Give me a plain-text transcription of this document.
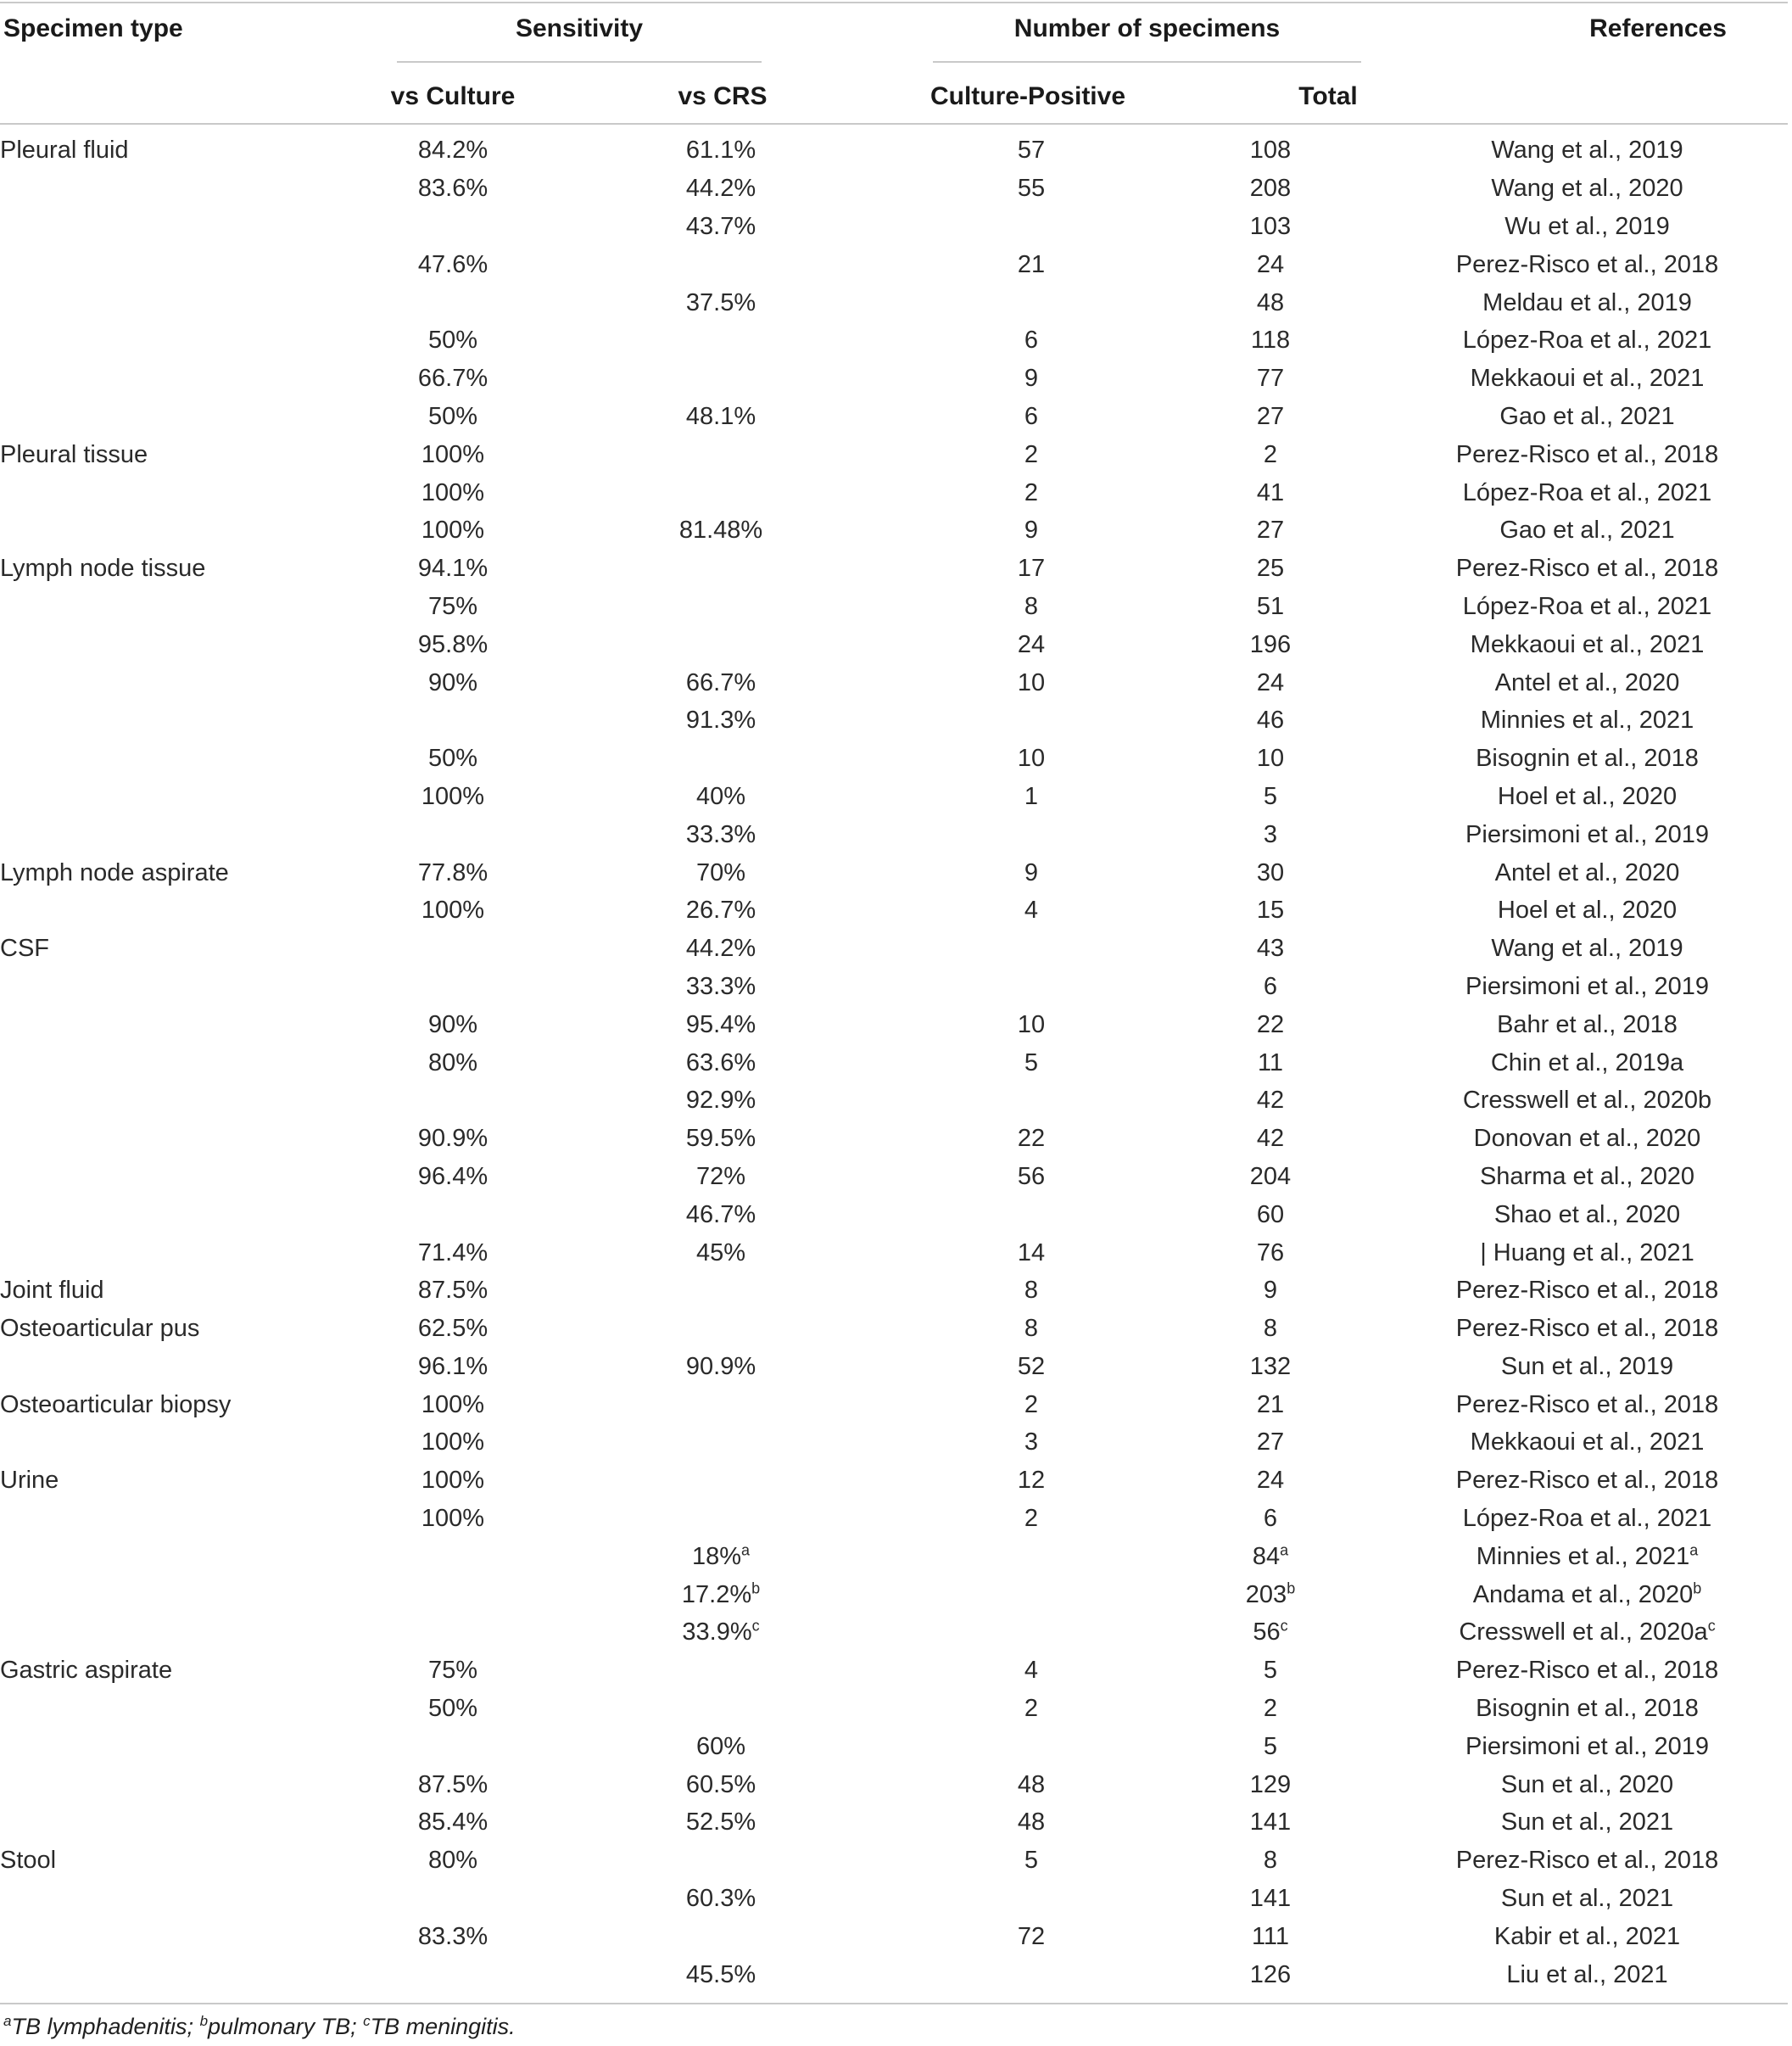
Specimen type	Sensitivity	Number of specimens	References
vs Culture	vs CRS	Culture-Positive	Total
Pleural fluid	84.2%	61.1%	57	108	Wang et al., 2019
	83.6%	44.2%	55	208	Wang et al., 2020
		43.7%		103	Wu et al., 2019
	47.6%		21	24	Perez-Risco et al., 2018
		37.5%		48	Meldau et al., 2019
	50%		6	118	López-Roa et al., 2021
	66.7%		9	77	Mekkaoui et al., 2021
	50%	48.1%	6	27	Gao et al., 2021
Pleural tissue	100%		2	2	Perez-Risco et al., 2018
	100%		2	41	López-Roa et al., 2021
	100%	81.48%	9	27	Gao et al., 2021
Lymph node tissue	94.1%		17	25	Perez-Risco et al., 2018
	75%		8	51	López-Roa et al., 2021
	95.8%		24	196	Mekkaoui et al., 2021
	90%	66.7%	10	24	Antel et al., 2020
		91.3%		46	Minnies et al., 2021
	50%		10	10	Bisognin et al., 2018
	100%	40%	1	5	Hoel et al., 2020
		33.3%		3	Piersimoni et al., 2019
Lymph node aspirate	77.8%	70%	9	30	Antel et al., 2020
	100%	26.7%	4	15	Hoel et al., 2020
CSF		44.2%		43	Wang et al., 2019
		33.3%		6	Piersimoni et al., 2019
	90%	95.4%	10	22	Bahr et al., 2018
	80%	63.6%	5	11	Chin et al., 2019a
		92.9%		42	Cresswell et al., 2020b
	90.9%	59.5%	22	42	Donovan et al., 2020
	96.4%	72%	56	204	Sharma et al., 2020
		46.7%		60	Shao et al., 2020
	71.4%	45%	14	76	| Huang et al., 2021
Joint fluid	87.5%		8	9	Perez-Risco et al., 2018
Osteoarticular pus	62.5%		8	8	Perez-Risco et al., 2018
	96.1%	90.9%	52	132	Sun et al., 2019
Osteoarticular biopsy	100%		2	21	Perez-Risco et al., 2018
	100%		3	27	Mekkaoui et al., 2021
Urine	100%		12	24	Perez-Risco et al., 2018
	100%		2	6	López-Roa et al., 2021
		18%$^a$		84$^a$	Minnies et al., 2021$^a$
		17.2%$^b$		203$^b$	Andama et al., 2020$^b$
		33.9%$^c$		56$^c$	Cresswell et al., $2020a^c$
Gastric aspirate	75%		4	5	Perez-Risco et al., 2018
	50%		2	2	Bisognin et al., 2018
		60%		5	Piersimoni et al., 2019
	87.5%	60.5%	48	129	Sun et al., 2020
	85.4%	52.5%	48	141	Sun et al., 2021
Stool	80%		5	8	Perez-Risco et al., 2018
		60.3%		141	Sun et al., 2021
	83.3%		72	111	Kabir et al., 2021
		45.5%		126	Liu et al., 2021
$^a$TB lymphadenitis; $^b$pulmonary TB; $^c$TB meningitis.
